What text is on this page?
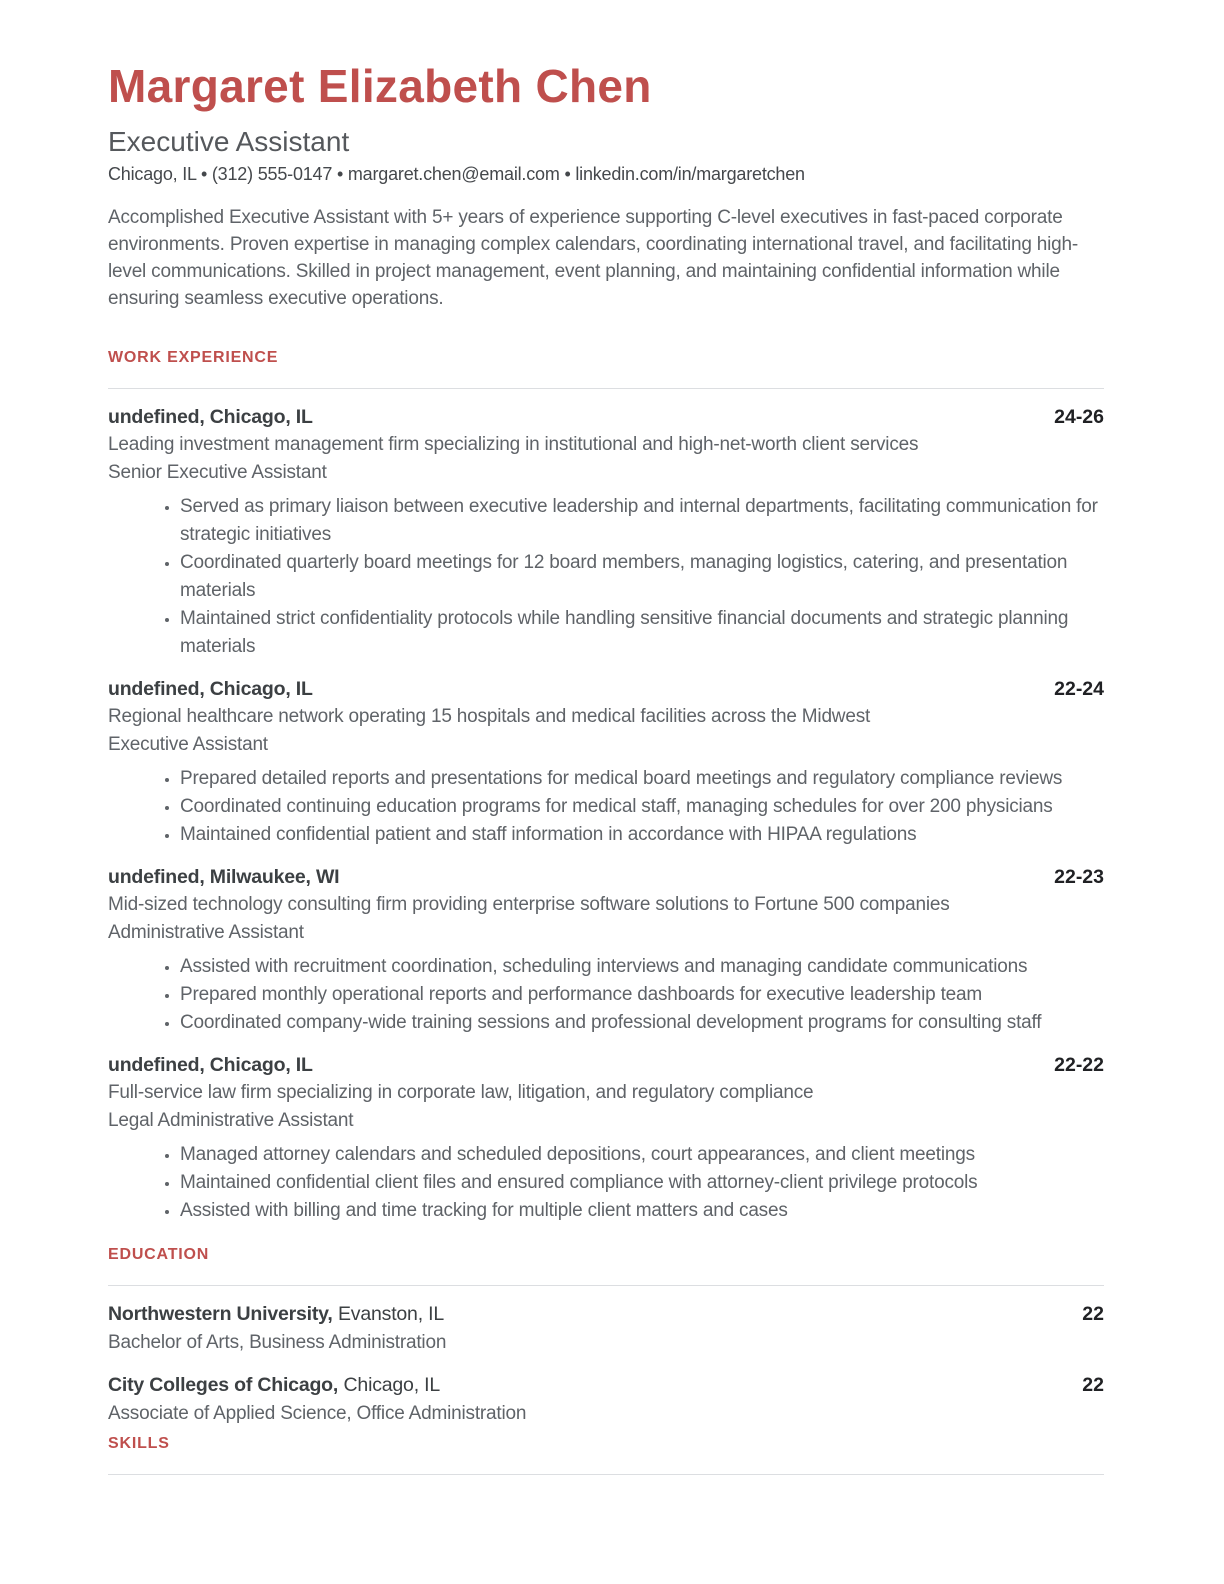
Margaret Elizabeth Chen
Executive Assistant
Chicago, IL • (312) 555-0147 • margaret.chen@email.com • linkedin.com/in/margaretchen
Accomplished Executive Assistant with 5+ years of experience supporting C-level executives in fast-paced corporate environments. Proven expertise in managing complex calendars, coordinating international travel, and facilitating high-level communications. Skilled in project management, event planning, and maintaining confidential information while ensuring seamless executive operations.
WORK EXPERIENCE
undefined, Chicago, IL	24-26
Leading investment management firm specializing in institutional and high-net-worth client services
Senior Executive Assistant
• Served as primary liaison between executive leadership and internal departments, facilitating communication for strategic initiatives
• Coordinated quarterly board meetings for 12 board members, managing logistics, catering, and presentation materials
• Maintained strict confidentiality protocols while handling sensitive financial documents and strategic planning materials
undefined, Chicago, IL	22-24
Regional healthcare network operating 15 hospitals and medical facilities across the Midwest
Executive Assistant
• Prepared detailed reports and presentations for medical board meetings and regulatory compliance reviews
• Coordinated continuing education programs for medical staff, managing schedules for over 200 physicians
• Maintained confidential patient and staff information in accordance with HIPAA regulations
undefined, Milwaukee, WI	22-23
Mid-sized technology consulting firm providing enterprise software solutions to Fortune 500 companies
Administrative Assistant
• Assisted with recruitment coordination, scheduling interviews and managing candidate communications
• Prepared monthly operational reports and performance dashboards for executive leadership team
• Coordinated company-wide training sessions and professional development programs for consulting staff
undefined, Chicago, IL	22-22
Full-service law firm specializing in corporate law, litigation, and regulatory compliance
Legal Administrative Assistant
• Managed attorney calendars and scheduled depositions, court appearances, and client meetings
• Maintained confidential client files and ensured compliance with attorney-client privilege protocols
• Assisted with billing and time tracking for multiple client matters and cases
EDUCATION
Northwestern University, Evanston, IL	22
Bachelor of Arts, Business Administration
City Colleges of Chicago, Chicago, IL	22
Associate of Applied Science, Office Administration
SKILLS
